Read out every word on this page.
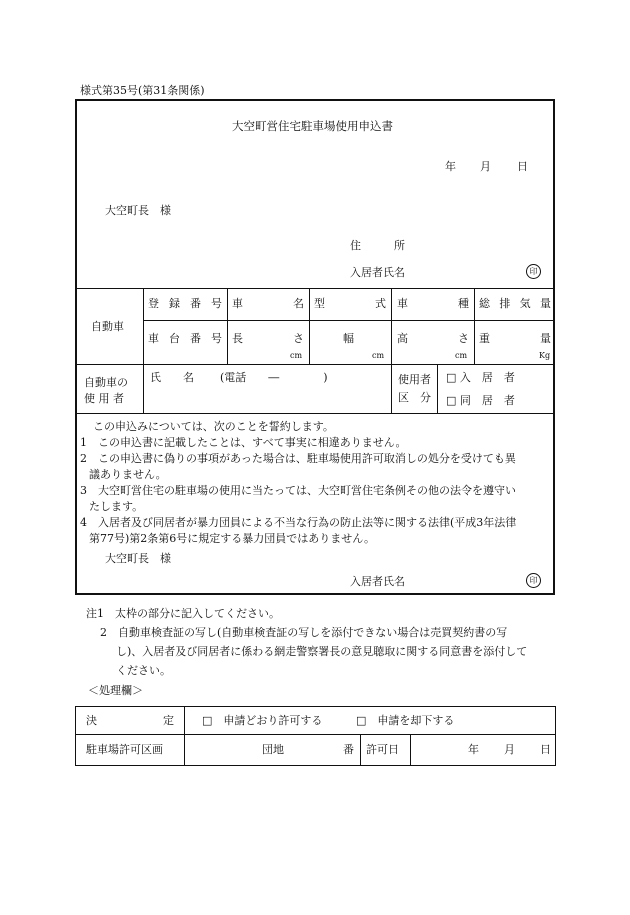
様式第35号(第31条関係)
大空町営住宅駐車場使用申込書
年 月 日
大空町長　様
住　　　所
入居者氏名	印
自動車
登録番号 車　　名 型　　式 車　　種 総排気量
車台番号 長　　さ	幅	高　　さ 重　　量
cm	cm	cm	Kg
自動車の
使 用 者
氏　　名 (電話　　―　　　　)	使用者
区　分
□ 入　居　者
□ 同　居　者
この申込みについては、次のことを誓約します。
1　 この申込書に記載したことは、すべて事実に相違ありません。
2　 この申込書に偽りの事項があった場合は、駐車場使用許可取消しの処分を受けても異
議ありません。
3　 大空町営住宅の駐車場の使用に当たっては、大空町営住宅条例その他の法令を遵守い
たします。
4　 入居者及び同居者が暴力団員による不当な行為の防止法等に関する法律(平成3年法律
第77号)第2条第6号に規定する暴力団員ではありません。
大空町長　様
入居者氏名	印
注1　 太枠の部分に記入してください。
2　 自動車検査証の写し(自動車検査証の写しを添付できない場合は売買契約書の写
し)、入居者及び同居者に係わる網走警察署長の意見聴取に関する同意書を添付して
ください。
＜処理欄＞
決　　　　定	□　申請どおり許可する	□　申請を却下する
駐車場許可区画	団地	番 許可日	年 月 日
